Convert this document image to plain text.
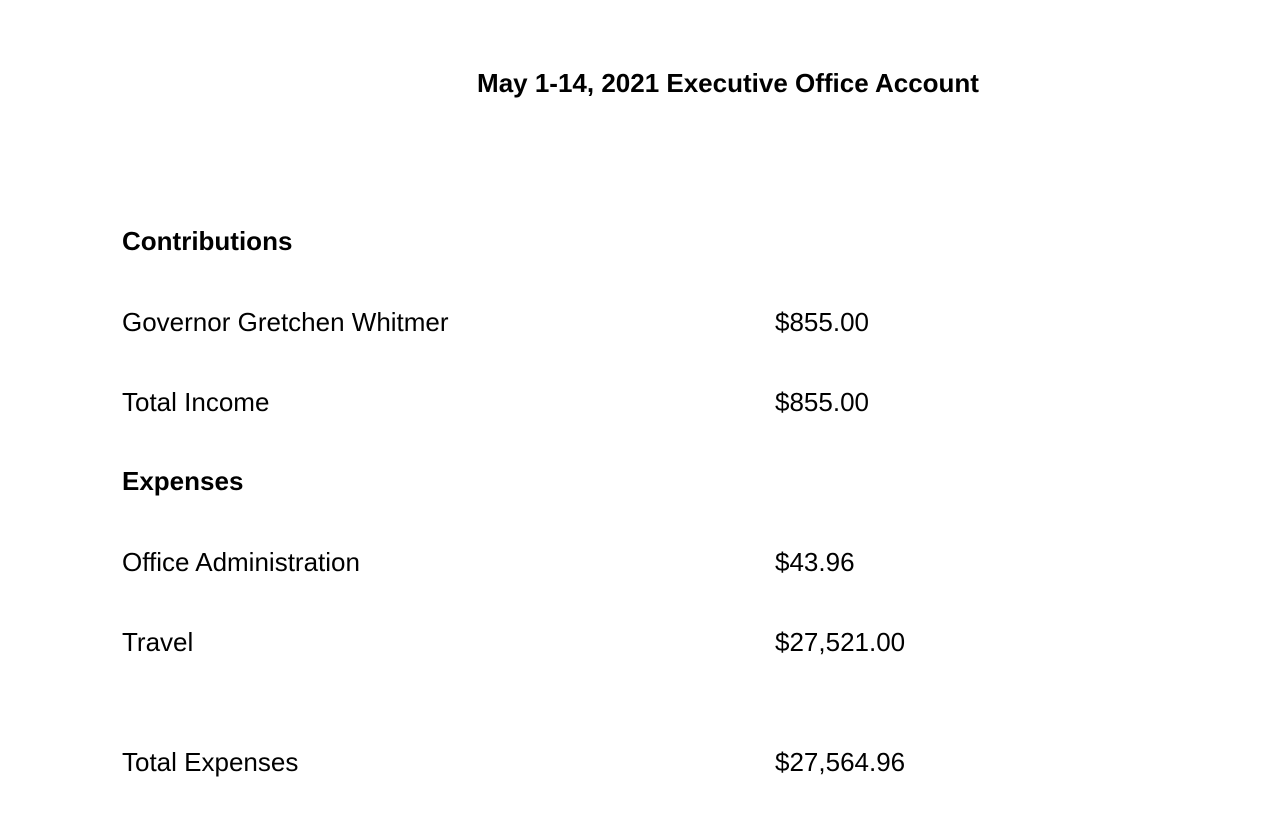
May 1-14, 2021 Executive Office Account
Contributions
Governor Gretchen Whitmer	$855.00
Total Income	$855.00
Expenses
Office Administration	$43.96
Travel	$27,521.00
Total Expenses	$27,564.96
